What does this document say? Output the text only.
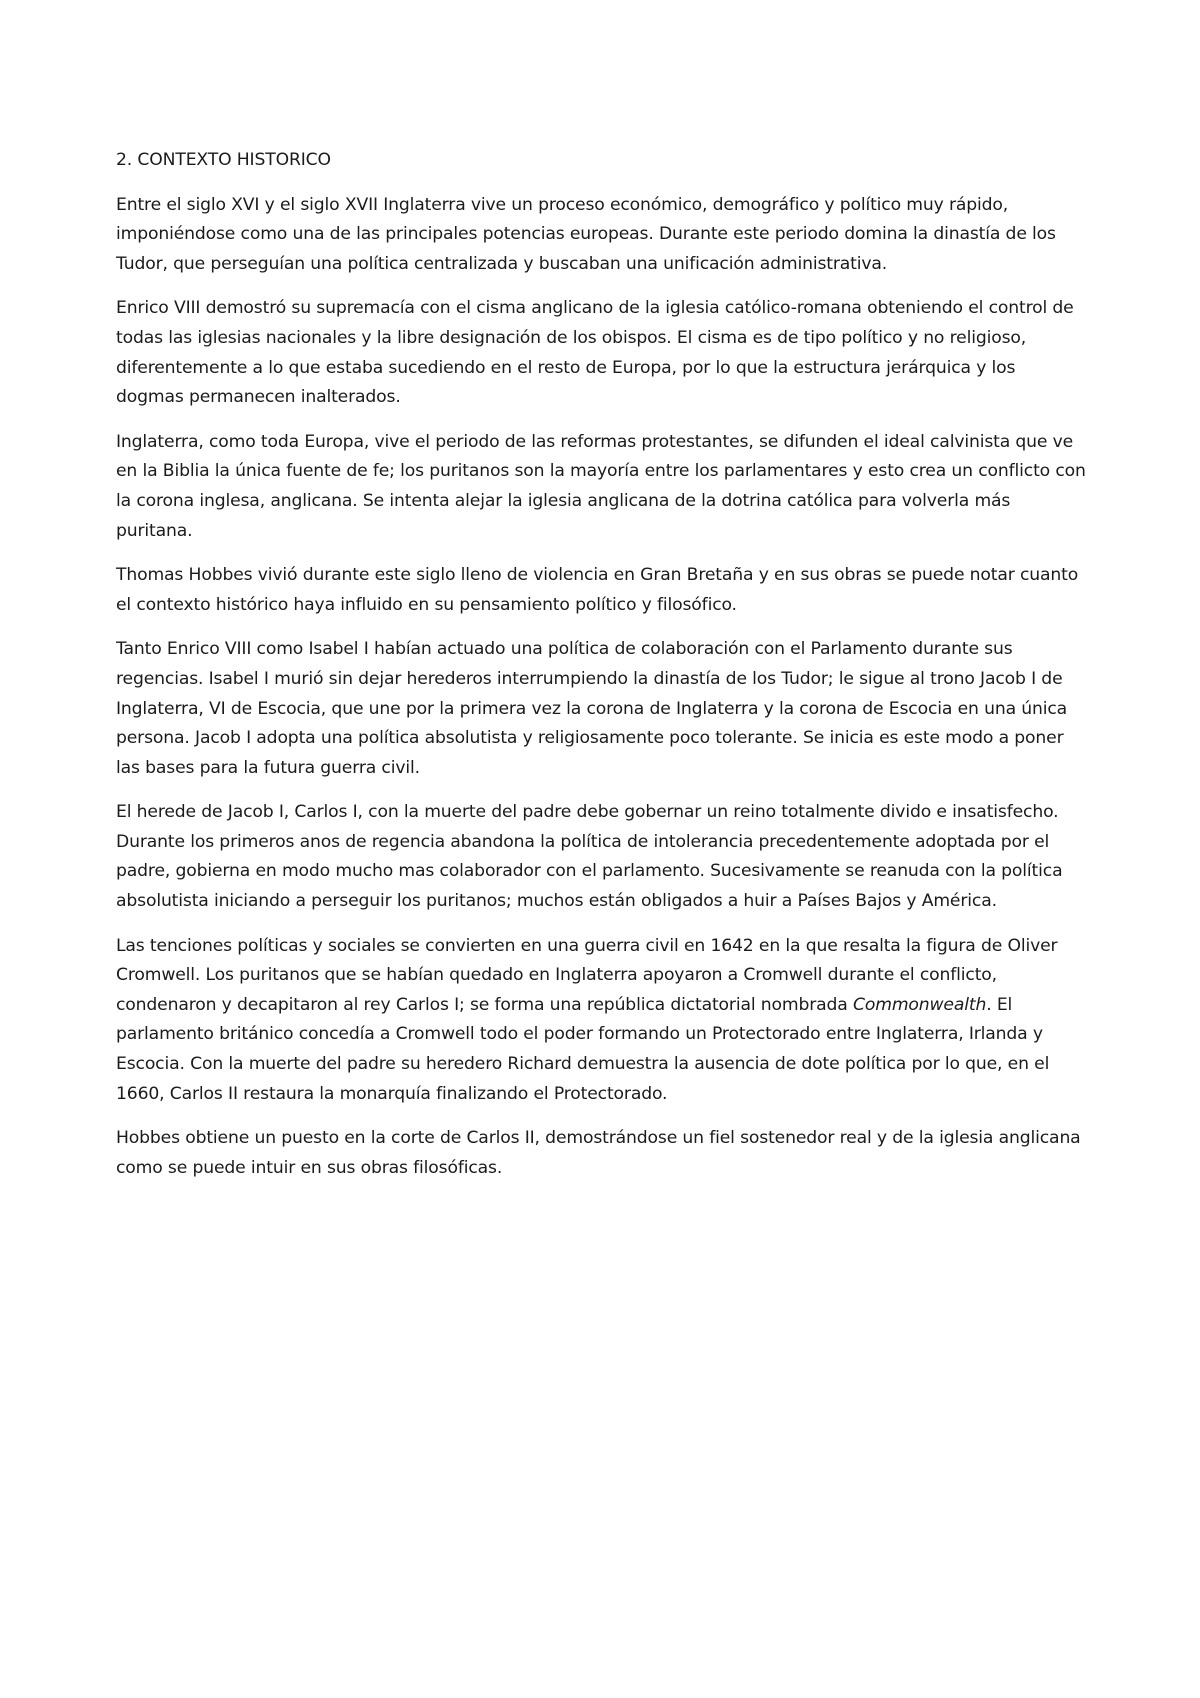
2. CONTEXTO HISTORICO

Entre el siglo XVI y el siglo XVII Inglaterra vive un proceso económico, demográfico y político muy rápido, imponiéndose como una de las principales potencias europeas. Durante este periodo domina la dinastía de los Tudor, que perseguían una política centralizada y buscaban una unificación administrativa.

Enrico VIII demostró su supremacía con el cisma anglicano de la iglesia católico-romana obteniendo el control de todas las iglesias nacionales y la libre designación de los obispos. El cisma es de tipo político y no religioso, diferentemente a lo que estaba sucediendo en el resto de Europa, por lo que la estructura jerárquica y los dogmas permanecen inalterados.

Inglaterra, como toda Europa, vive el periodo de las reformas protestantes, se difunden el ideal calvinista que ve en la Biblia la única fuente de fe; los puritanos son la mayoría entre los parlamentares y esto crea un conflicto con la corona inglesa, anglicana. Se intenta alejar la iglesia anglicana de la dotrina católica para volverla más puritana.

Thomas Hobbes vivió durante este siglo lleno de violencia en Gran Bretaña y en sus obras se puede notar cuanto el contexto histórico haya influido en su pensamiento político y filosófico.

Tanto Enrico VIII como Isabel I habían actuado una política de colaboración con el Parlamento durante sus regencias. Isabel I murió sin dejar herederos interrumpiendo la dinastía de los Tudor; le sigue al trono Jacob I de Inglaterra, VI de Escocia, que une por la primera vez la corona de Inglaterra y la corona de Escocia en una única persona. Jacob I adopta una política absolutista y religiosamente poco tolerante. Se inicia es este modo a poner las bases para la futura guerra civil.

El herede de Jacob I, Carlos I, con la muerte del padre debe gobernar un reino totalmente divido e insatisfecho. Durante los primeros anos de regencia abandona la política de intolerancia precedentemente adoptada por el padre, gobierna en modo mucho mas colaborador con el parlamento. Sucesivamente se reanuda con la política absolutista iniciando a perseguir los puritanos; muchos están obligados a huir a Países Bajos y América.

Las tenciones políticas y sociales se convierten en una guerra civil en 1642 en la que resalta la figura de Oliver Cromwell. Los puritanos que se habían quedado en Inglaterra apoyaron a Cromwell durante el conflicto, condenaron y decapitaron al rey Carlos I; se forma una república dictatorial nombrada Commonwealth. El parlamento británico concedía a Cromwell todo el poder formando un Protectorado entre Inglaterra, Irlanda y Escocia. Con la muerte del padre su heredero Richard demuestra la ausencia de dote política por lo que, en el 1660, Carlos II restaura la monarquía finalizando el Protectorado.

Hobbes obtiene un puesto en la corte de Carlos II, demostrándose un fiel sostenedor real y de la iglesia anglicana como se puede intuir en sus obras filosóficas.
